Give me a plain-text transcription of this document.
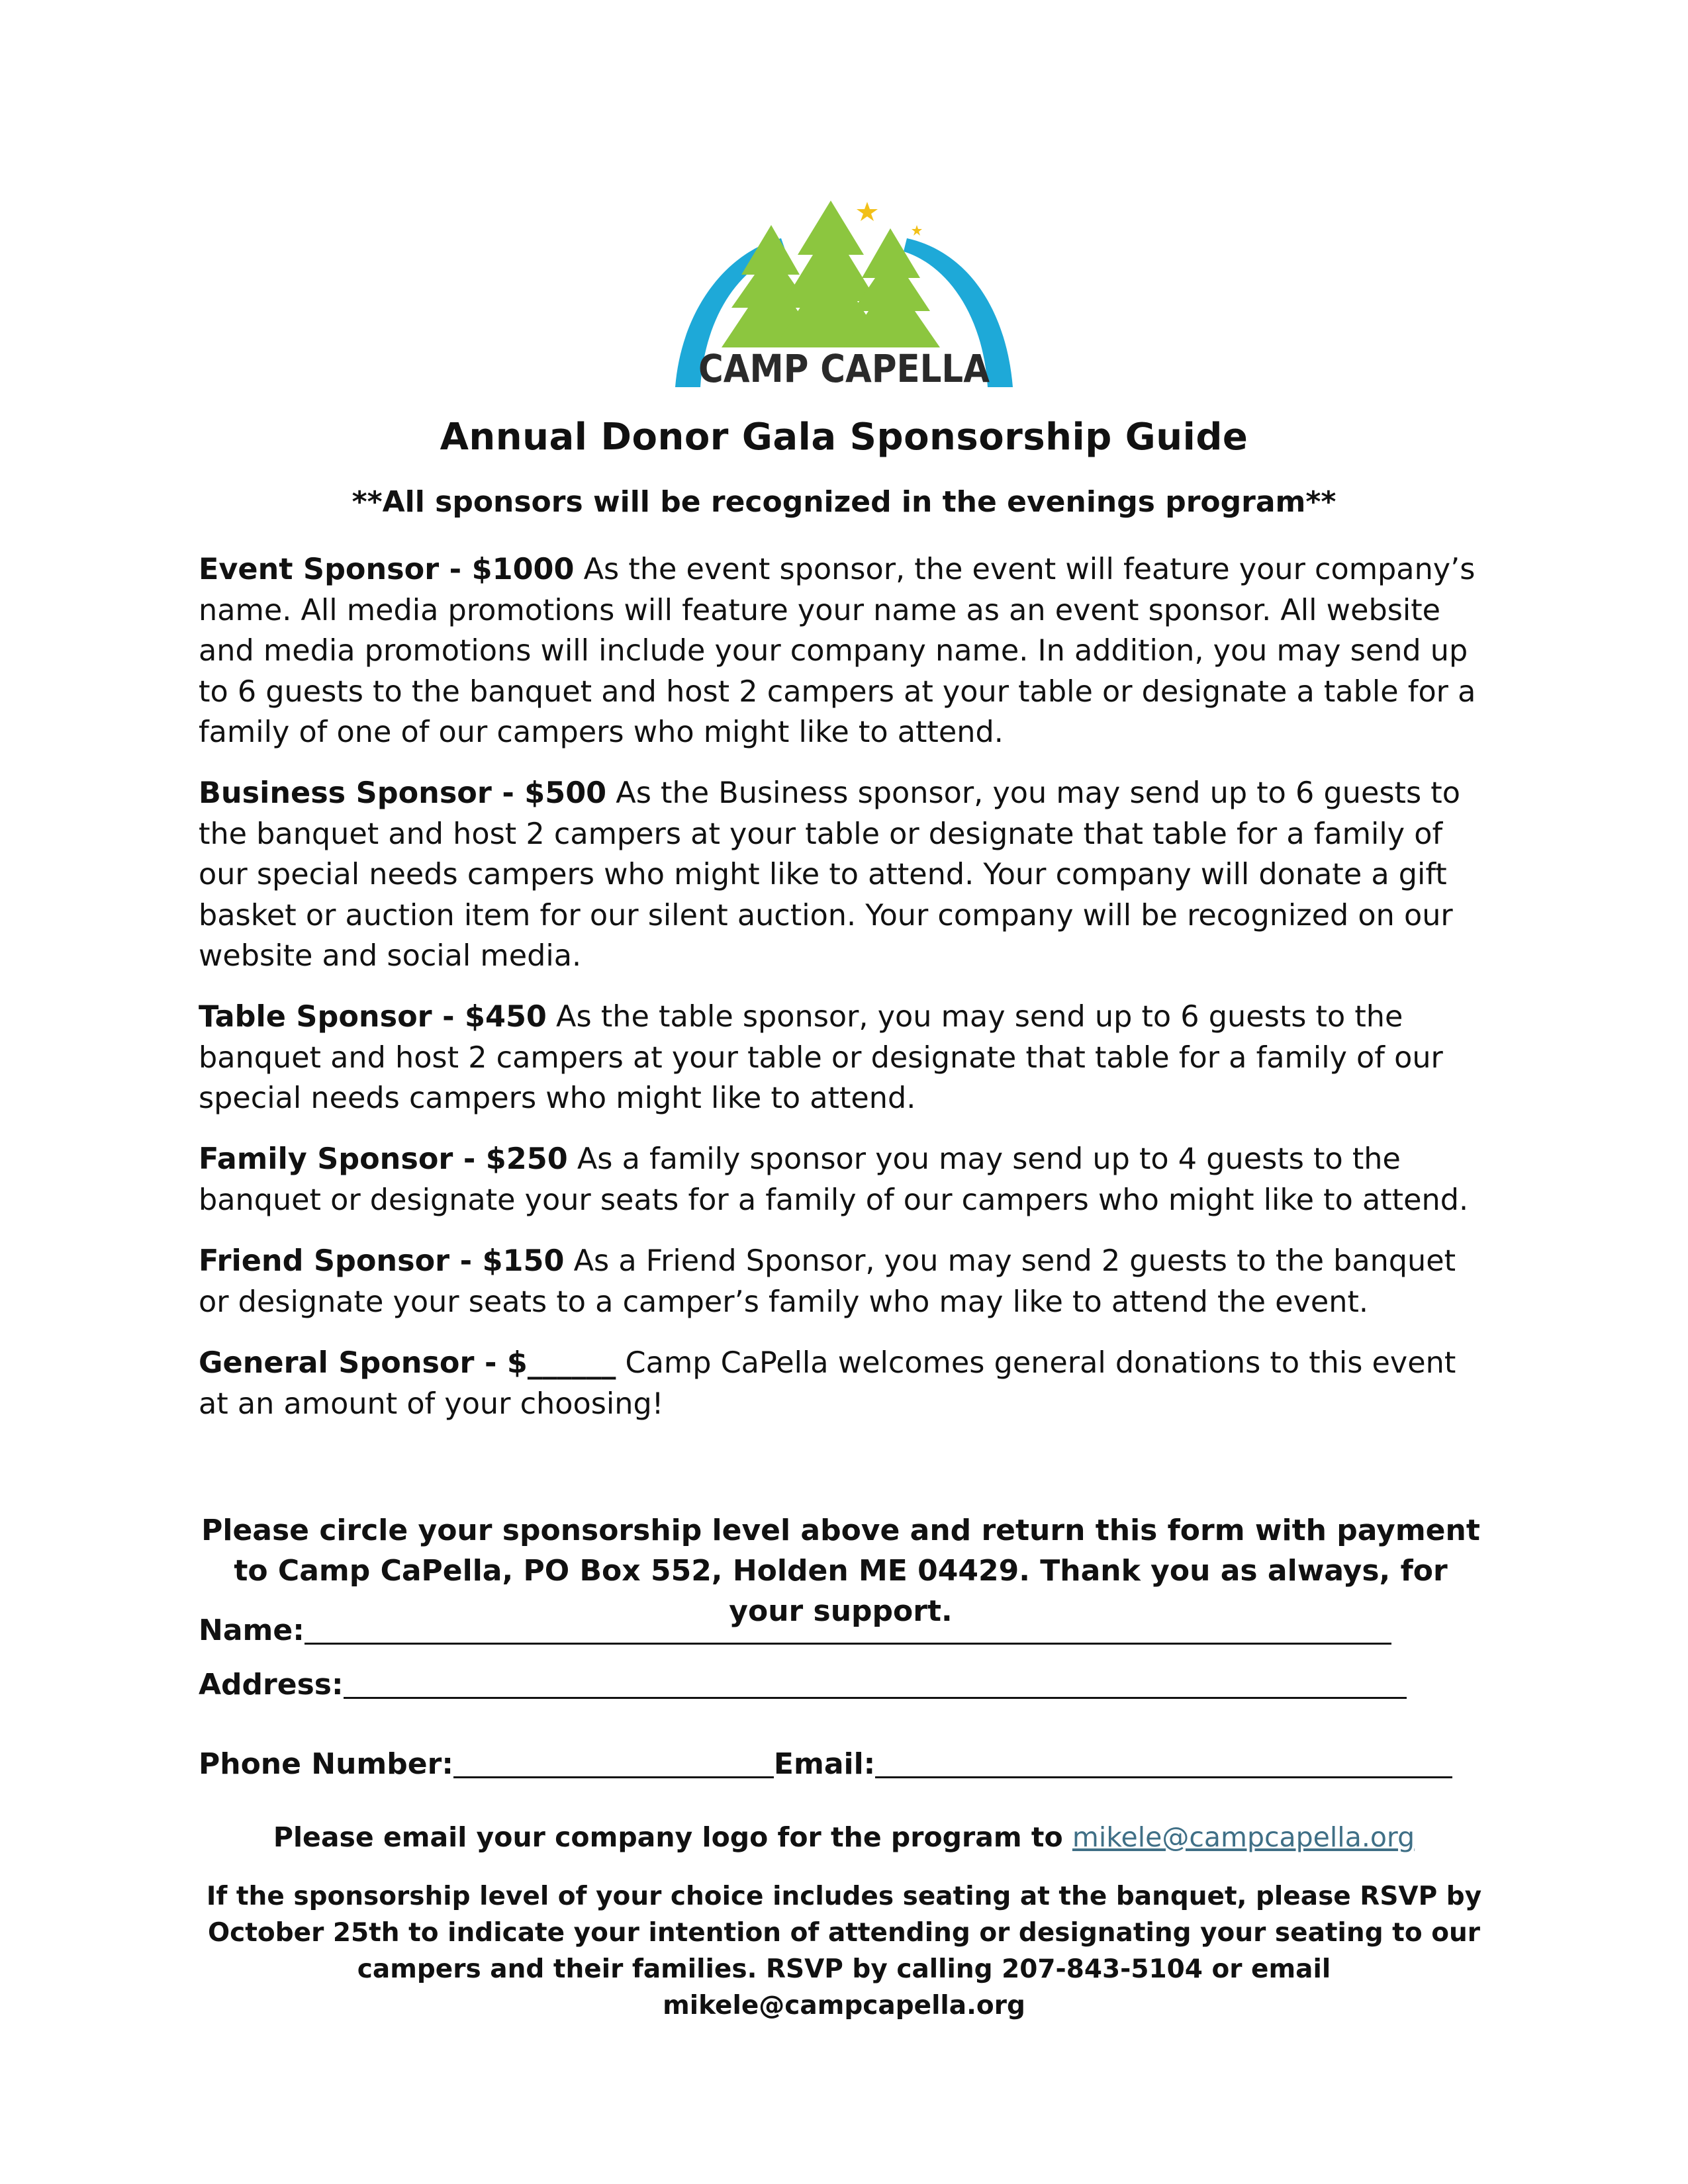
CAMP CAPELLA
Annual Donor Gala Sponsorship Guide
**All sponsors will be recognized in the evenings program**

Event Sponsor - $1000 As the event sponsor, the event will feature your company’s name. All media promotions will feature your name as an event sponsor. All website and media promotions will include your company name. In addition, you may send up to 6 guests to the banquet and host 2 campers at your table or designate a table for a family of one of our campers who might like to attend.

Business Sponsor - $500 As the Business sponsor, you may send up to 6 guests to the banquet and host 2 campers at your table or designate that table for a family of our special needs campers who might like to attend. Your company will donate a gift basket or auction item for our silent auction. Your company will be recognized on our website and social media.

Table Sponsor - $450 As the table sponsor, you may send up to 6 guests to the banquet and host 2 campers at your table or designate that table for a family of our special needs campers who might like to attend.

Family Sponsor - $250 As a family sponsor you may send up to 4 guests to the banquet or designate your seats for a family of our campers who might like to attend.

Friend Sponsor - $150 As a Friend Sponsor, you may send 2 guests to the banquet or designate your seats to a camper’s family who may like to attend the event.

General Sponsor - $______ Camp CaPella welcomes general donations to this event at an amount of your choosing!

Please circle your sponsorship level above and return this form with payment to Camp CaPella, PO Box 552, Holden ME 04429. Thank you as always, for your support.
Name:
Address:
Phone Number:	Email:
Please email your company logo for the program to mikele@campcapella.org
If the sponsorship level of your choice includes seating at the banquet, please RSVP by October 25th to indicate your intention of attending or designating your seating to our campers and their families. RSVP by calling 207-843-5104 or email mikele@campcapella.org
